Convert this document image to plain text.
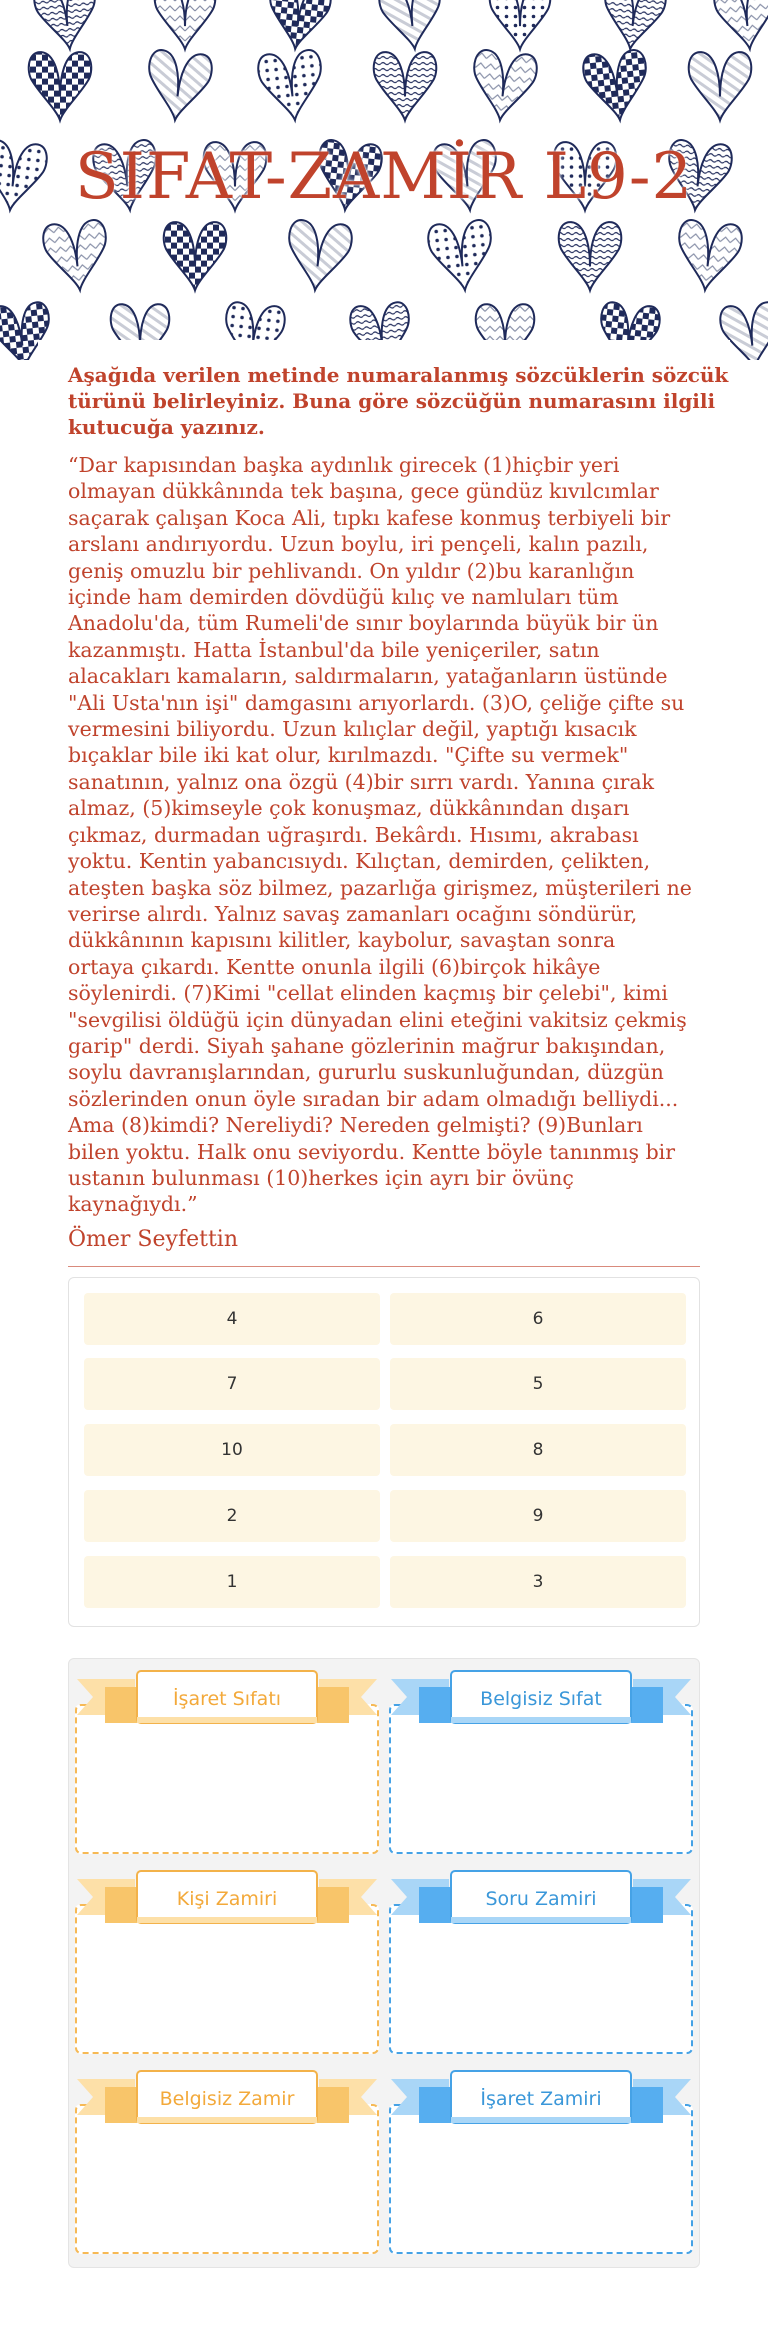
SIFAT-ZAMİR L9-2
Aşağıda verilen metinde numaralanmış sözcüklerin sözcük türünü belirleyiniz. Buna göre sözcüğün numarasını ilgili kutucuğa yazınız.
“Dar kapısından başka aydınlık girecek (1)hiçbir yeri
olmayan dükkânında tek başına, gece gündüz kıvılcımlar
saçarak çalışan Koca Ali, tıpkı kafese konmuş terbiyeli bir
arslanı andırıyordu. Uzun boylu, iri pençeli, kalın pazılı,
geniş omuzlu bir pehlivandı. On yıldır (2)bu karanlığın
içinde ham demirden dövdüğü kılıç ve namluları tüm
Anadolu'da, tüm Rumeli'de sınır boylarında büyük bir ün
kazanmıştı. Hatta İstanbul'da bile yeniçeriler, satın
alacakları kamaların, saldırmaların, yatağanların üstünde
"Ali Usta'nın işi" damgasını arıyorlardı. (3)O, çeliğe çifte su
vermesini biliyordu. Uzun kılıçlar değil, yaptığı kısacık
bıçaklar bile iki kat olur, kırılmazdı. "Çifte su vermek"
sanatının, yalnız ona özgü (4)bir sırrı vardı. Yanına çırak
almaz, (5)kimseyle çok konuşmaz, dükkânından dışarı
çıkmaz, durmadan uğraşırdı. Bekârdı. Hısımı, akrabası
yoktu. Kentin yabancısıydı. Kılıçtan, demirden, çelikten,
ateşten başka söz bilmez, pazarlığa girişmez, müşterileri ne
verirse alırdı. Yalnız savaş zamanları ocağını söndürür,
dükkânının kapısını kilitler, kaybolur, savaştan sonra
ortaya çıkardı. Kentte onunla ilgili (6)birçok hikâye
söylenirdi. (7)Kimi "cellat elinden kaçmış bir çelebi", kimi
"sevgilisi öldüğü için dünyadan elini eteğini vakitsiz çekmiş
garip" derdi. Siyah şahane gözlerinin mağrur bakışından,
soylu davranışlarından, gururlu suskunluğundan, düzgün
sözlerinden onun öyle sıradan bir adam olmadığı belliydi...
Ama (8)kimdi? Nereliydi? Nereden gelmişti? (9)Bunları
bilen yoktu. Halk onu seviyordu. Kentte böyle tanınmış bir
ustanın bulunması (10)herkes için ayrı bir övünç
kaynağıydı.”
Ömer Seyfettin
4	6
7	5
10	8
2	9
1	3
İşaret Sıfatı	Belgisiz Sıfat
Kişi Zamiri	Soru Zamiri
Belgisiz Zamir	İşaret Zamiri
